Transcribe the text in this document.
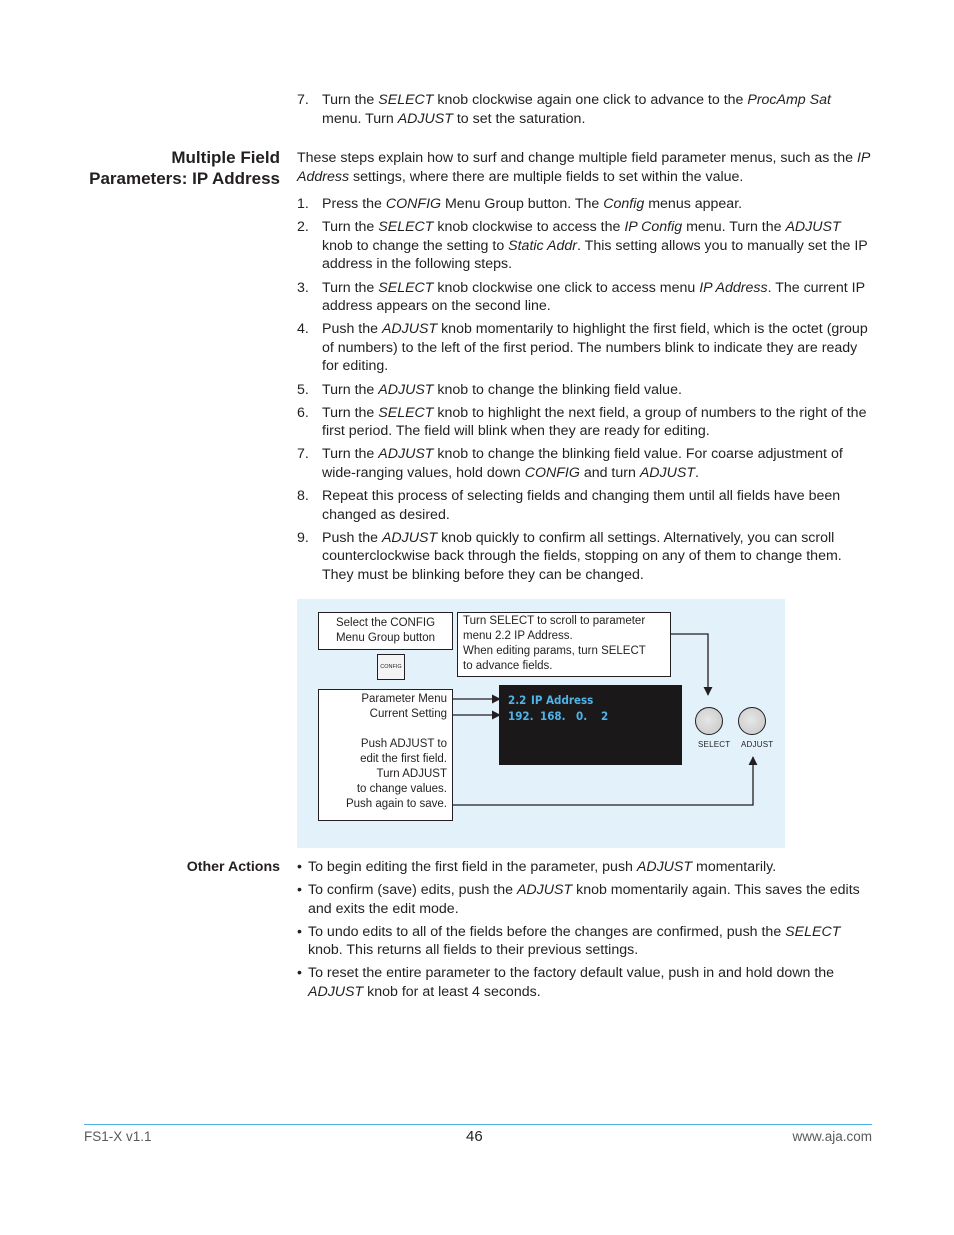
7. Turn the SELECT knob clockwise again one click to advance to the ProcAmp Sat menu. Turn ADJUST to set the saturation.
Multiple Field
Parameters: IP Address

These steps explain how to surf and change multiple field parameter menus, such as the IP Address settings, where there are multiple fields to set within the value.

1. Press the CONFIG Menu Group button. The Config menus appear.
2. Turn the SELECT knob clockwise to access the IP Config menu. Turn the ADJUST knob to change the setting to Static Addr. This setting allows you to manually set the IP address in the following steps.
3. Turn the SELECT knob clockwise one click to access menu IP Address. The current IP address appears on the second line.
4. Push the ADJUST knob momentarily to highlight the first field, which is the octet (group of numbers) to the left of the first period. The numbers blink to indicate they are ready for editing.
5. Turn the ADJUST knob to change the blinking field value.
6. Turn the SELECT knob to highlight the next field, a group of numbers to the right of the first period. The field will blink when they are ready for editing.
7. Turn the ADJUST knob to change the blinking field value. For coarse adjustment of wide-ranging values, hold down CONFIG and turn ADJUST.
8. Repeat this process of selecting fields and changing them until all fields have been changed as desired.
9. Push the ADJUST knob quickly to confirm all settings. Alternatively, you can scroll counterclockwise back through the fields, stopping on any of them to change them. They must be blinking before they can be changed.
Select the CONFIG
Menu Group button
CONFIG
Turn SELECT to scroll to parameter
menu 2.2 IP Address.
When editing params, turn SELECT
to advance fields.
Parameter Menu
Current Setting
Push ADJUST to
edit the first field.
Turn ADJUST
to change values.
Push again to save.
2.2 IP Address
192. 168. 0. 2
SELECT ADJUST
Other Actions • To begin editing the first field in the parameter, push ADJUST momentarily.
• To confirm (save) edits, push the ADJUST knob momentarily again. This saves the edits and exits the edit mode.
• To undo edits to all of the fields before the changes are confirmed, push the SELECT knob. This returns all fields to their previous settings.
• To reset the entire parameter to the factory default value, push in and hold down the ADJUST knob for at least 4 seconds.
FS1-X v1.1	46	www.aja.com
